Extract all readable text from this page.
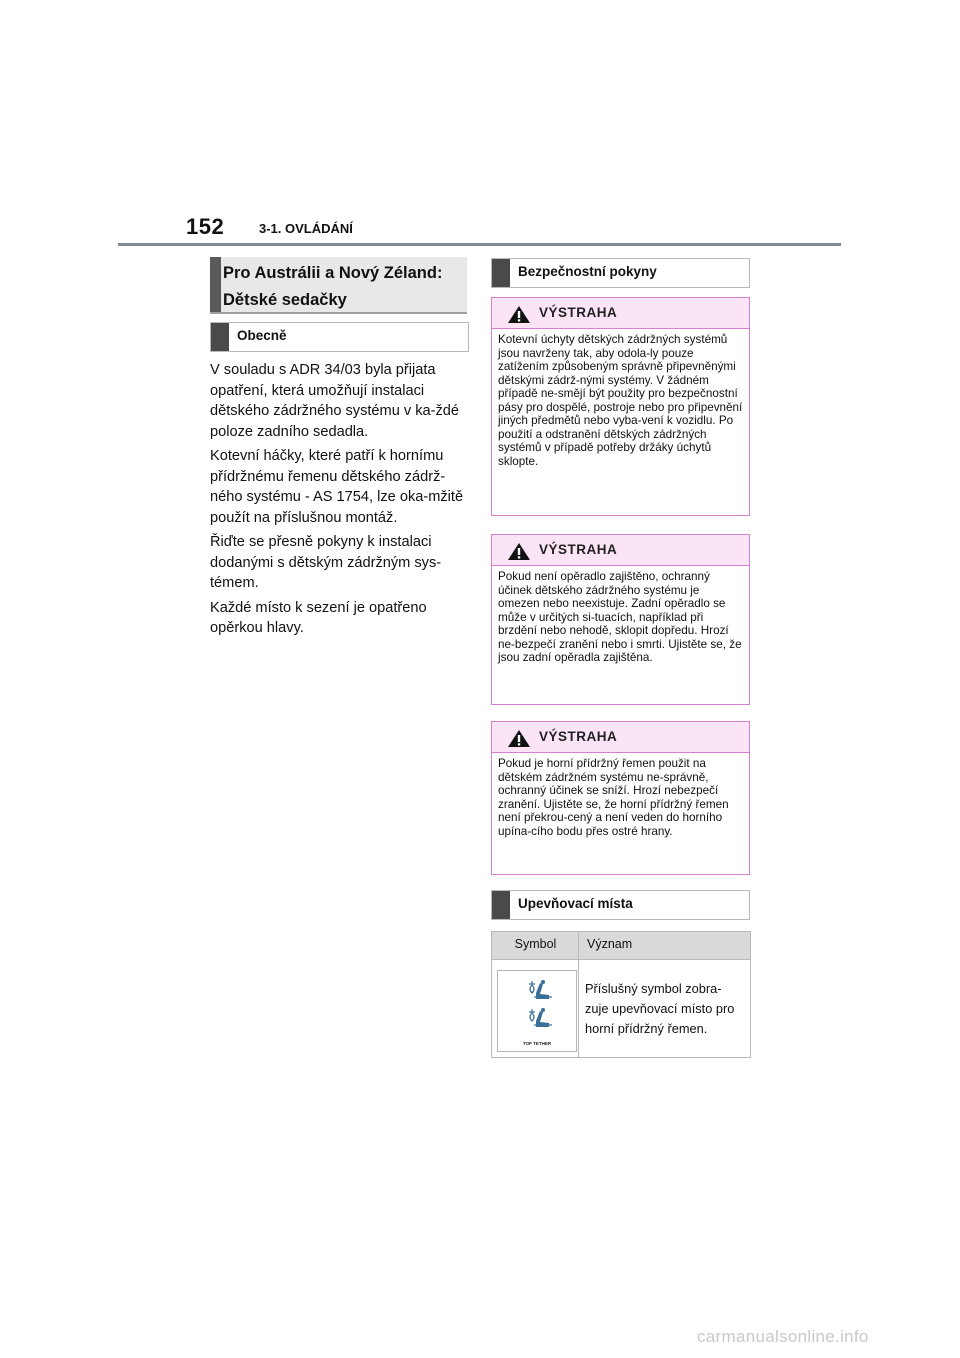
152	3-1. OVLÁDÁNÍ
Pro Austrálii a Nový Zéland:
Dětské sedačky
Obecně

V souladu s ADR 34/03 byla přijata opatření, která umožňují instalaci dětského zádržného systému v ka-ždé poloze zadního sedadla.

Kotevní háčky, které patří k hornímu přídržnému řemenu dětského zádrž-ného systému - AS 1754, lze oka-mžitě použít na příslušnou montáž.

Řiďte se přesně pokyny k instalaci dodanými s dětským zádržným sys-témem.

Každé místo k sezení je opatřeno opěrkou hlavy.

Bezpečnostní pokyny
VÝSTRAHA

Kotevní úchyty dětských zádržných systémů jsou navrženy tak, aby odola-ly pouze zatížením způsobeným správně připevněnými dětskými zádrž-nými systémy. V žádném případě ne-smějí být použity pro bezpečnostní pásy pro dospělé, postroje nebo pro připevnění jiných předmětů nebo vyba-vení k vozidlu. Po použití a odstranění dětských zádržných systémů v případě potřeby držáky úchytů sklopte.

VÝSTRAHA

Pokud není opěradlo zajištěno, ochranný účinek dětského zádržného systému je omezen nebo neexistuje. Zadní opěradlo se může v určitých si-tuacích, například při brzdění nebo nehodě, sklopit dopředu. Hrozí ne-bezpečí zranění nebo i smrti. Ujistěte se, že jsou zadní opěradla zajištěna.

VÝSTRAHA

Pokud je horní přídržný řemen použit na dětském zádržném systému ne-správně, ochranný účinek se sníží. Hrozí nebezpečí zranění. Ujistěte se, že horní přídržný řemen není překrou-cený a není veden do horního upína-cího bodu přes ostré hrany.

Upevňovací místa
Symbol	Význam
TOP TETHER
Příslušný symbol zobra-zuje upevňovací místo pro horní přídržný řemen.
carmanualsonline.info
